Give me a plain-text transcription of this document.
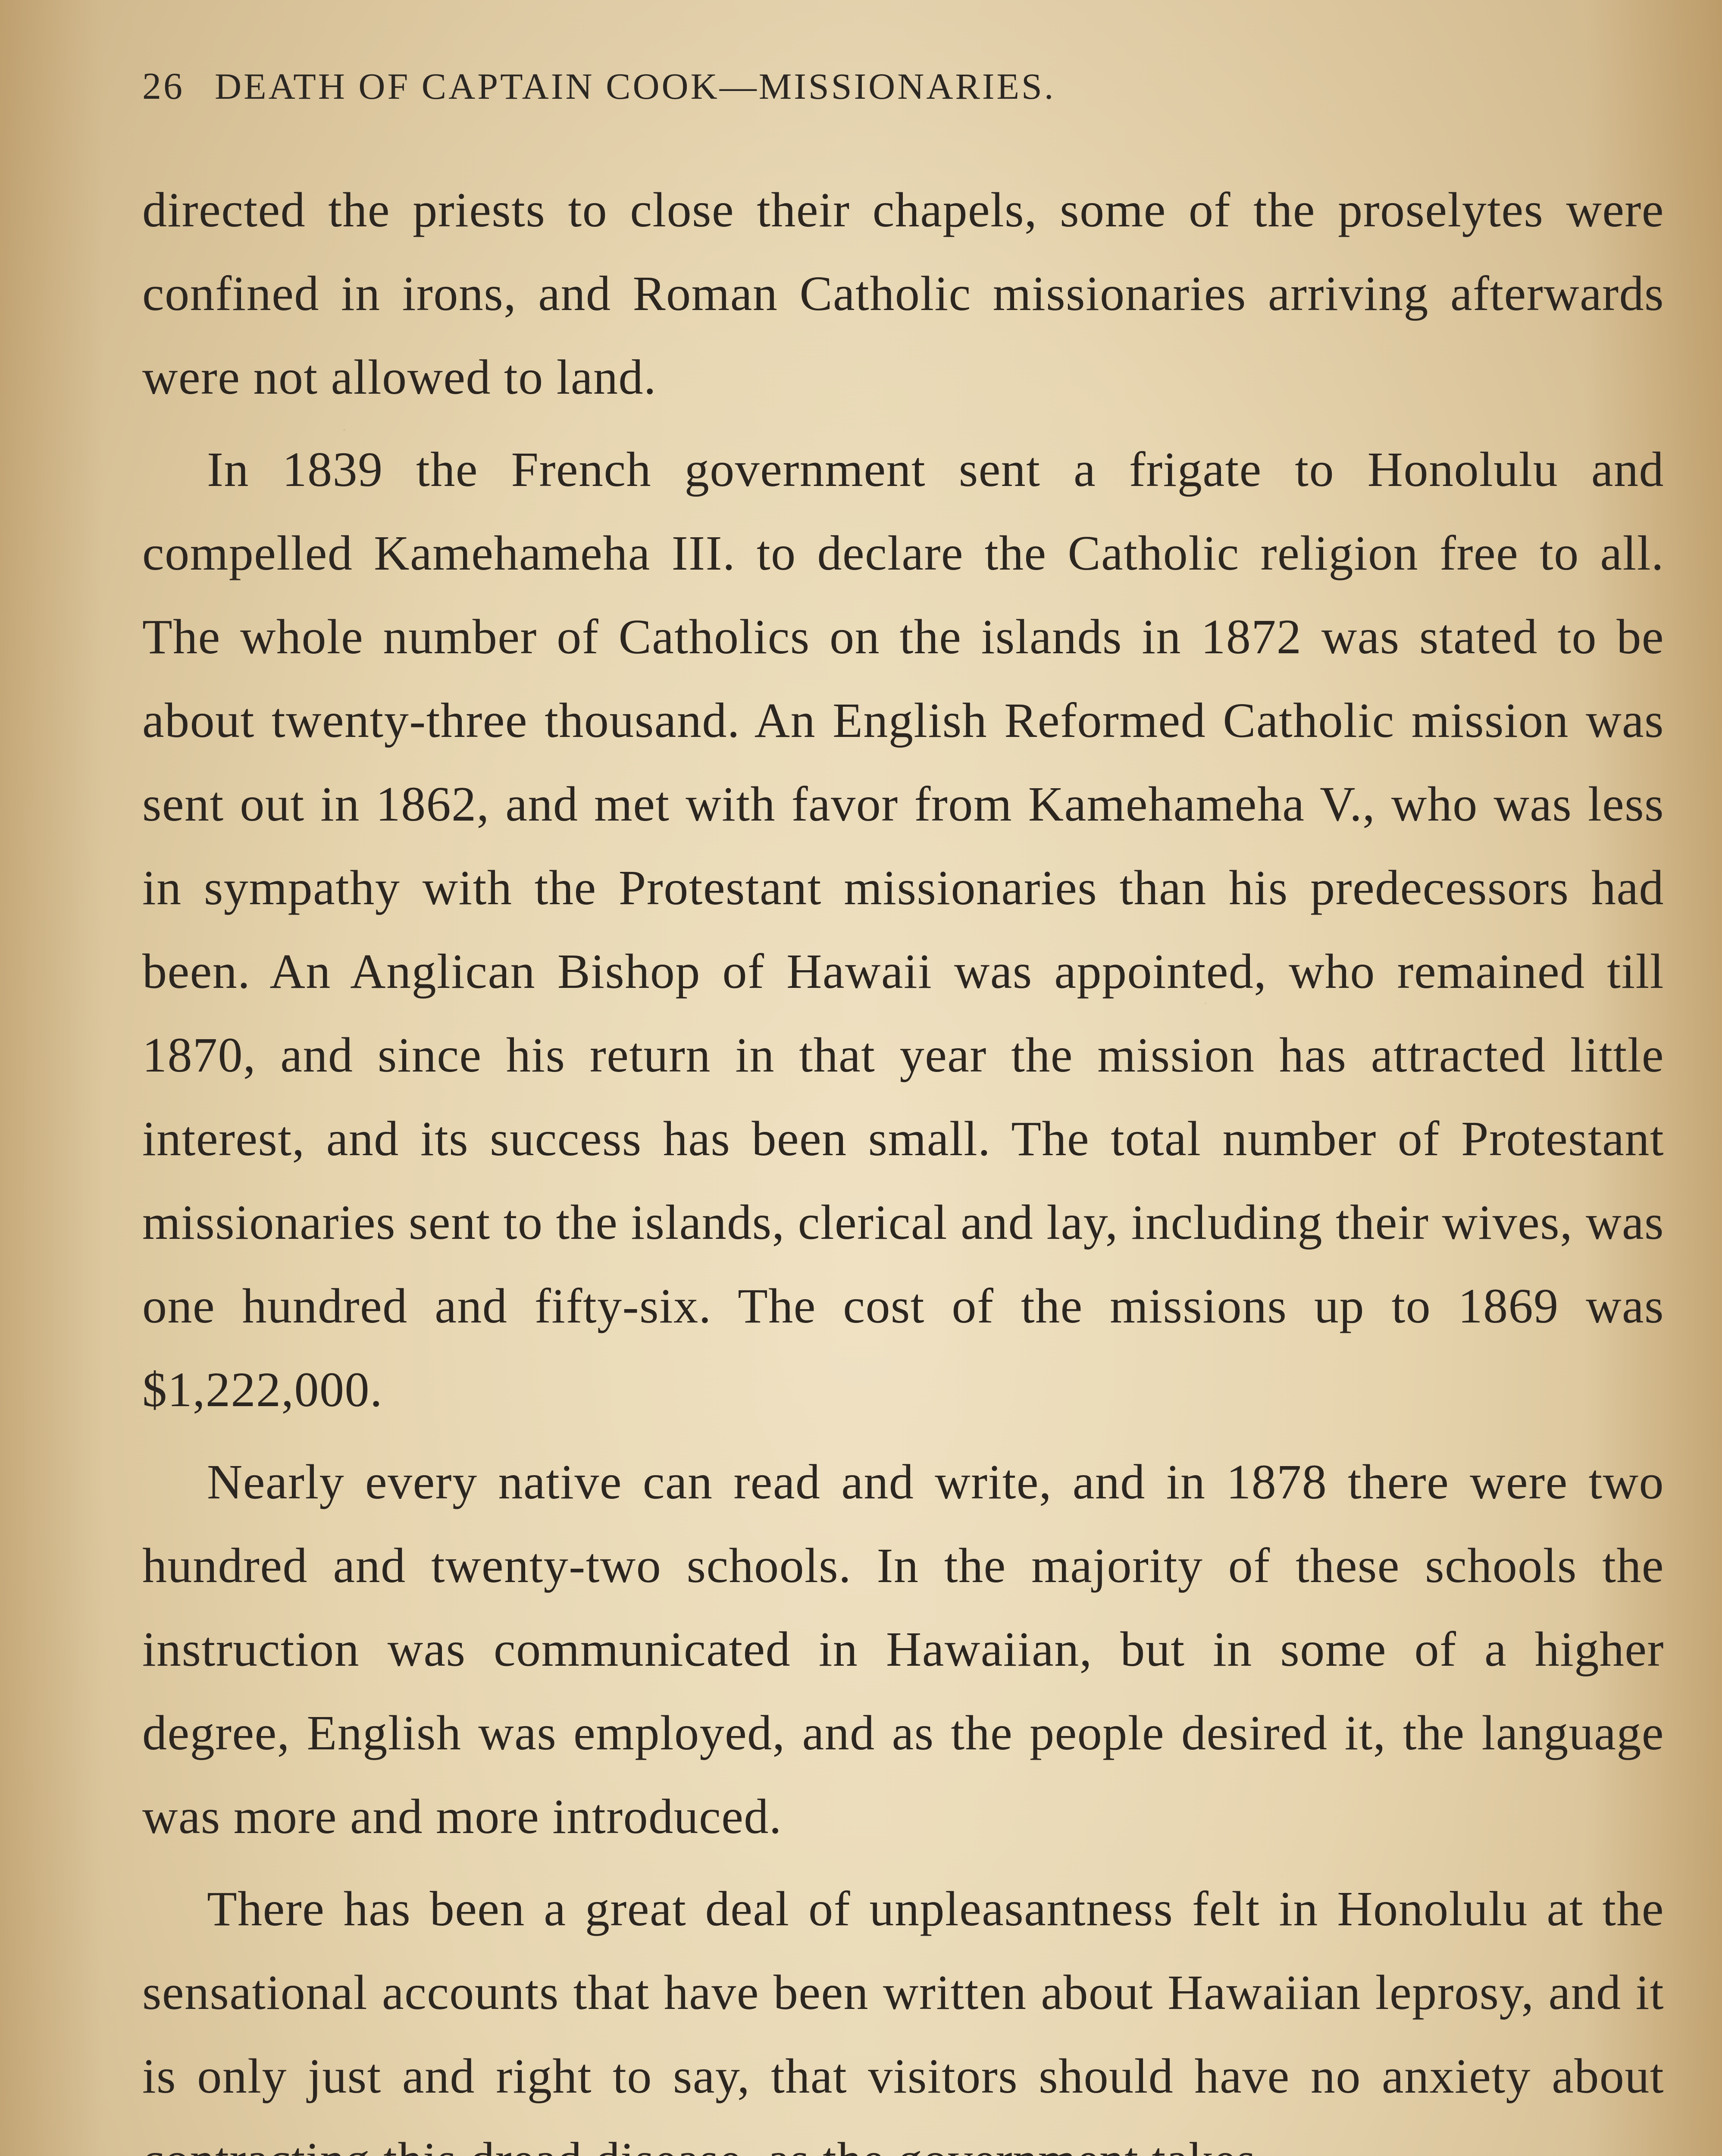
26 DEATH OF CAPTAIN COOK—MISSIONARIES.

directed the priests to close their chapels, some of the proselytes were confined in irons, and Roman Catholic missionaries arriving afterwards were not allowed to land.

In 1839 the French government sent a frigate to Honolulu and compelled Kamehameha III. to declare the Catholic religion free to all. The whole number of Catholics on the islands in 1872 was stated to be about twenty-three thousand. An English Reformed Catholic mission was sent out in 1862, and met with favor from Kamehameha V., who was less in sympathy with the Protestant missionaries than his predecessors had been. An Anglican Bishop of Hawaii was appointed, who remained till 1870, and since his return in that year the mission has attracted little interest, and its success has been small. The total number of Protestant missionaries sent to the islands, clerical and lay, including their wives, was one hundred and fifty-six. The cost of the missions up to 1869 was $1,222,000.

Nearly every native can read and write, and in 1878 there were two hundred and twenty-two schools. In the majority of these schools the instruction was communicated in Hawaiian, but in some of a higher degree, English was employed, and as the people desired it, the language was more and more introduced.

There has been a great deal of unpleasantness felt in Honolulu at the sensational accounts that have been written about Hawaiian leprosy, and it is only just and right to say, that visitors should have no anxiety about
